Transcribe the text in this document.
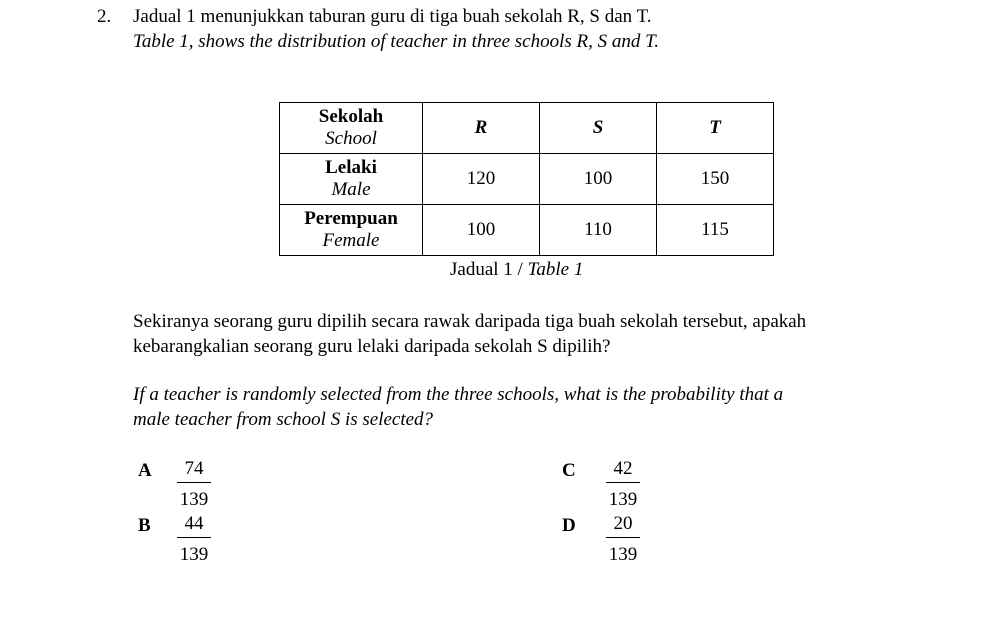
2. Jadual 1 menunjukkan taburan guru di tiga buah sekolah R, S dan T.
Table 1, shows the distribution of teacher in three schools R, S and T.
Sekolah
School	R	S	T

Lelaki
Male	120	100	150

Perempuan
Female	100	110	115
Jadual 1 / Table 1
Sekiranya seorang guru dipilih secara rawak daripada tiga buah sekolah tersebut, apakah
kebarangkalian seorang guru lelaki daripada sekolah S dipilih?
If a teacher is randomly selected from the three schools, what is the probability that a
male teacher from school S is selected?
A $\frac{74}{139}$
B $\frac{44}{139}$
C $\frac{42}{139}$
D $\frac{20}{139}$
